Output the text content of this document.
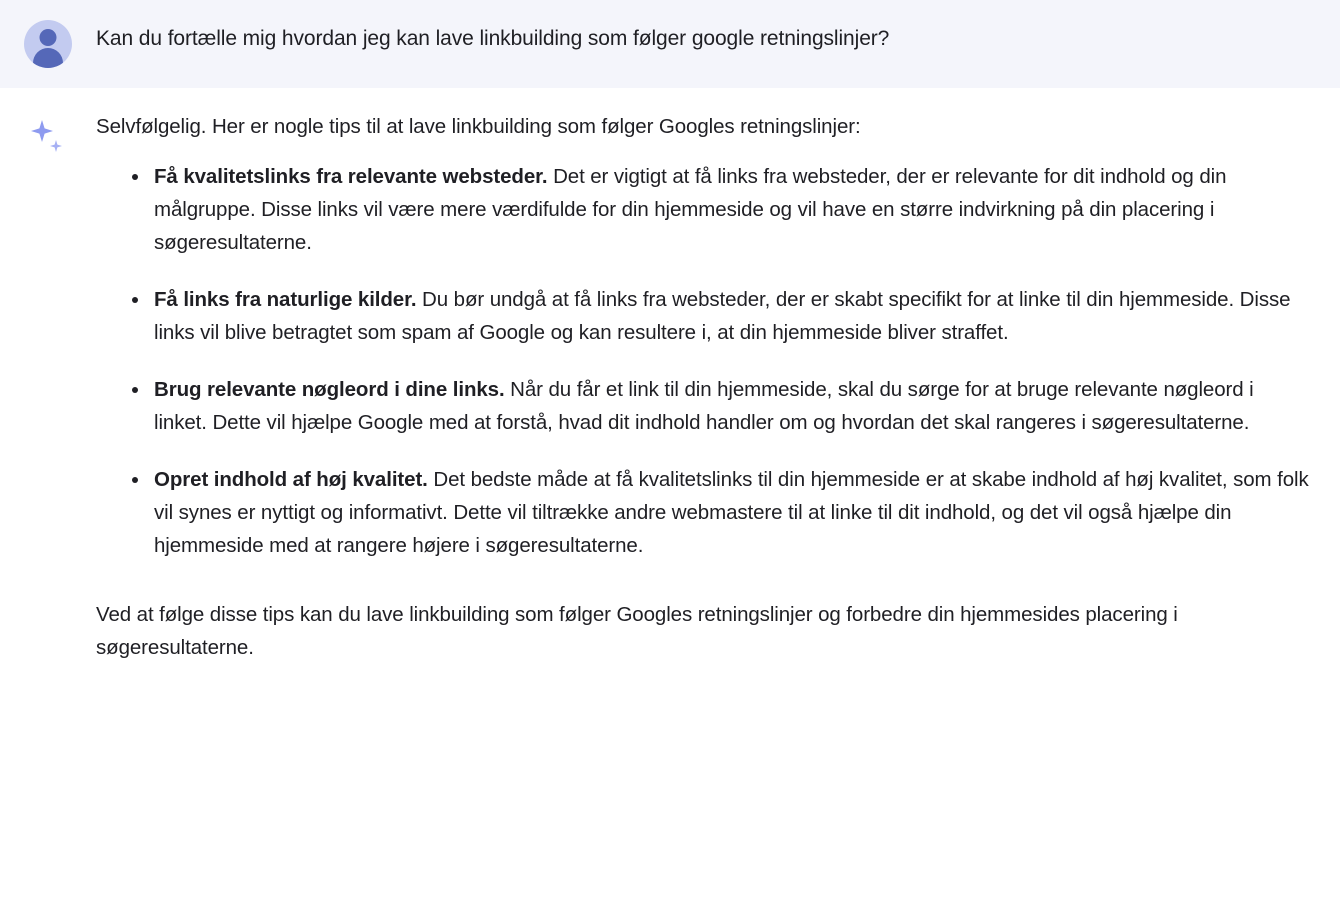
Kan du fortælle mig hvordan jeg kan lave linkbuilding som følger google retningslinjer?

Selvfølgelig. Her er nogle tips til at lave linkbuilding som følger Googles retningslinjer:

Få kvalitetslinks fra relevante websteder. Det er vigtigt at få links fra websteder, der er relevante for dit indhold og din målgruppe. Disse links vil være mere værdifulde for din hjemmeside og vil have en større indvirkning på din placering i søgeresultaterne.
Få links fra naturlige kilder. Du bør undgå at få links fra websteder, der er skabt specifikt for at linke til din hjemmeside. Disse links vil blive betragtet som spam af Google og kan resultere i, at din hjemmeside bliver straffet.
Brug relevante nøgleord i dine links. Når du får et link til din hjemmeside, skal du sørge for at bruge relevante nøgleord i linket. Dette vil hjælpe Google med at forstå, hvad dit indhold handler om og hvordan det skal rangeres i søgeresultaterne.
Opret indhold af høj kvalitet. Det bedste måde at få kvalitetslinks til din hjemmeside er at skabe indhold af høj kvalitet, som folk vil synes er nyttigt og informativt. Dette vil tiltrække andre webmastere til at linke til dit indhold, og det vil også hjælpe din hjemmeside med at rangere højere i søgeresultaterne.

Ved at følge disse tips kan du lave linkbuilding som følger Googles retningslinjer og forbedre din hjemmesides placering i søgeresultaterne.
